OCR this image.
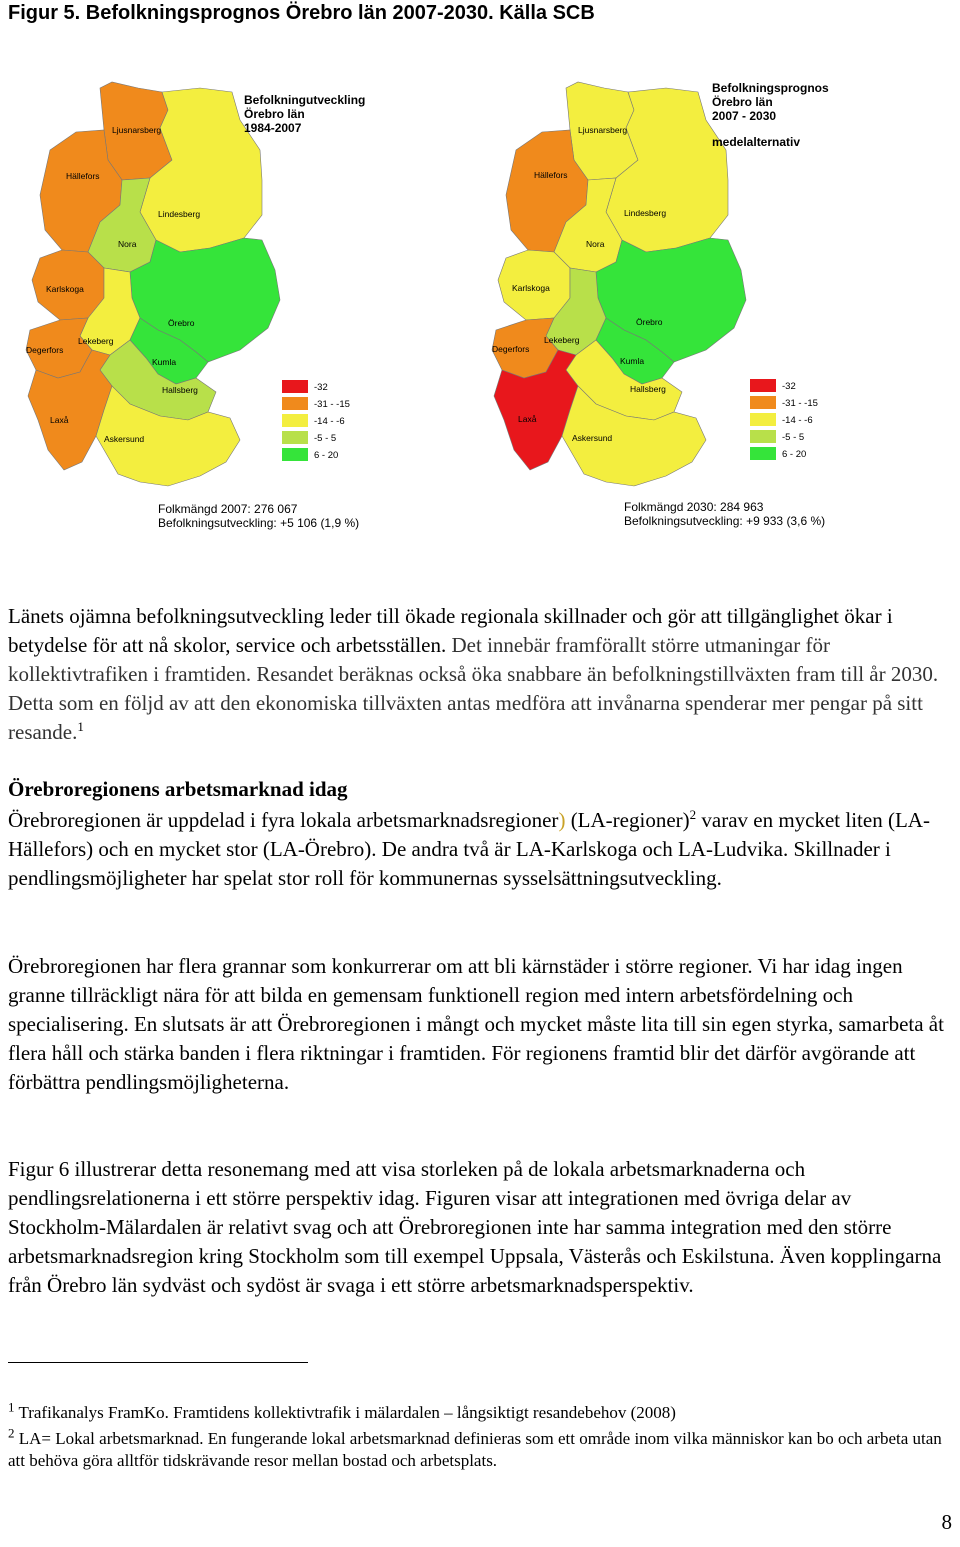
Figur 5. Befolkningsprognos Örebro län 2007-2030. Källa SCB
Ljusnarsberg
Hällefors
Lindesberg
Nora
Karlskoga
Örebro
Lekeberg
Degerfors
Kumla
Hallsberg
Laxå
Askersund
Befolkningutveckling
Örebro län
1984-2007
-32
-31 - -15
-14 - -6
-5 - 5
6 - 20
Folkmängd 2007: 276 067
Befolkningsutveckling: +5 106 (1,9 %)
Ljusnarsberg
Hällefors
Lindesberg
Nora
Karlskoga
Örebro
Lekeberg
Degerfors
Kumla
Hallsberg
Laxå
Askersund
Befolkningsprognos
Örebro län
2007 - 2030
medelalternativ
-32
-31 - -15
-14 - -6
-5 - 5
6 - 20
Folkmängd 2030: 284 963
Befolkningsutveckling: +9 933 (3,6 %)

Länets ojämna befolkningsutveckling leder till ökade regionala skillnader och gör att tillgänglighet ökar i betydelse för att nå skolor, service och arbetsställen. Det innebär framförallt större utmaningar för kollektivtrafiken i framtiden. Resandet beräknas också öka snabbare än befolkningstillväxten fram till år 2030. Detta som en följd av att den ekonomiska tillväxten antas medföra att invånarna spenderar mer pengar på sitt resande.$^1$

Örebroregionens arbetsmarknad idag

Örebroregionen är uppdelad i fyra lokala arbetsmarknadsregioner) (LA-regioner)$^2$ varav en mycket liten (LA-Hällefors) och en mycket stor (LA-Örebro). De andra två är LA-Karlskoga och LA-Ludvika. Skillnader i pendlingsmöjligheter har spelat stor roll för kommunernas sysselsättningsutveckling.

Örebroregionen har flera grannar som konkurrerar om att bli kärnstäder i större regioner. Vi har idag ingen granne tillräckligt nära för att bilda en gemensam funktionell region med intern arbetsfördelning och specialisering. En slutsats är att Örebroregionen i mångt och mycket måste lita till sin egen styrka, samarbeta åt flera håll och stärka banden i flera riktningar i framtiden. För regionens framtid blir det därför avgörande att förbättra pendlingsmöjligheterna.

Figur 6 illustrerar detta resonemang med att visa storleken på de lokala arbetsmarknaderna och pendlingsrelationerna i ett större perspektiv idag. Figuren visar att integrationen med övriga delar av Stockholm-Mälardalen är relativt svag och att Örebroregionen inte har samma integration med den större arbetsmarknadsregion kring Stockholm som till exempel Uppsala, Västerås och Eskilstuna. Även kopplingarna från Örebro län sydväst och sydöst är svaga i ett större arbetsmarknadsperspektiv.

$^1$ Trafikanalys FramKo. Framtidens kollektivtrafik i mälardalen – långsiktigt resandebehov (2008)
$^2$ LA= Lokal arbetsmarknad. En fungerande lokal arbetsmarknad definieras som ett område inom vilka människor kan bo och arbeta utan att behöva göra alltför tidskrävande resor mellan bostad och arbetsplats.
8
